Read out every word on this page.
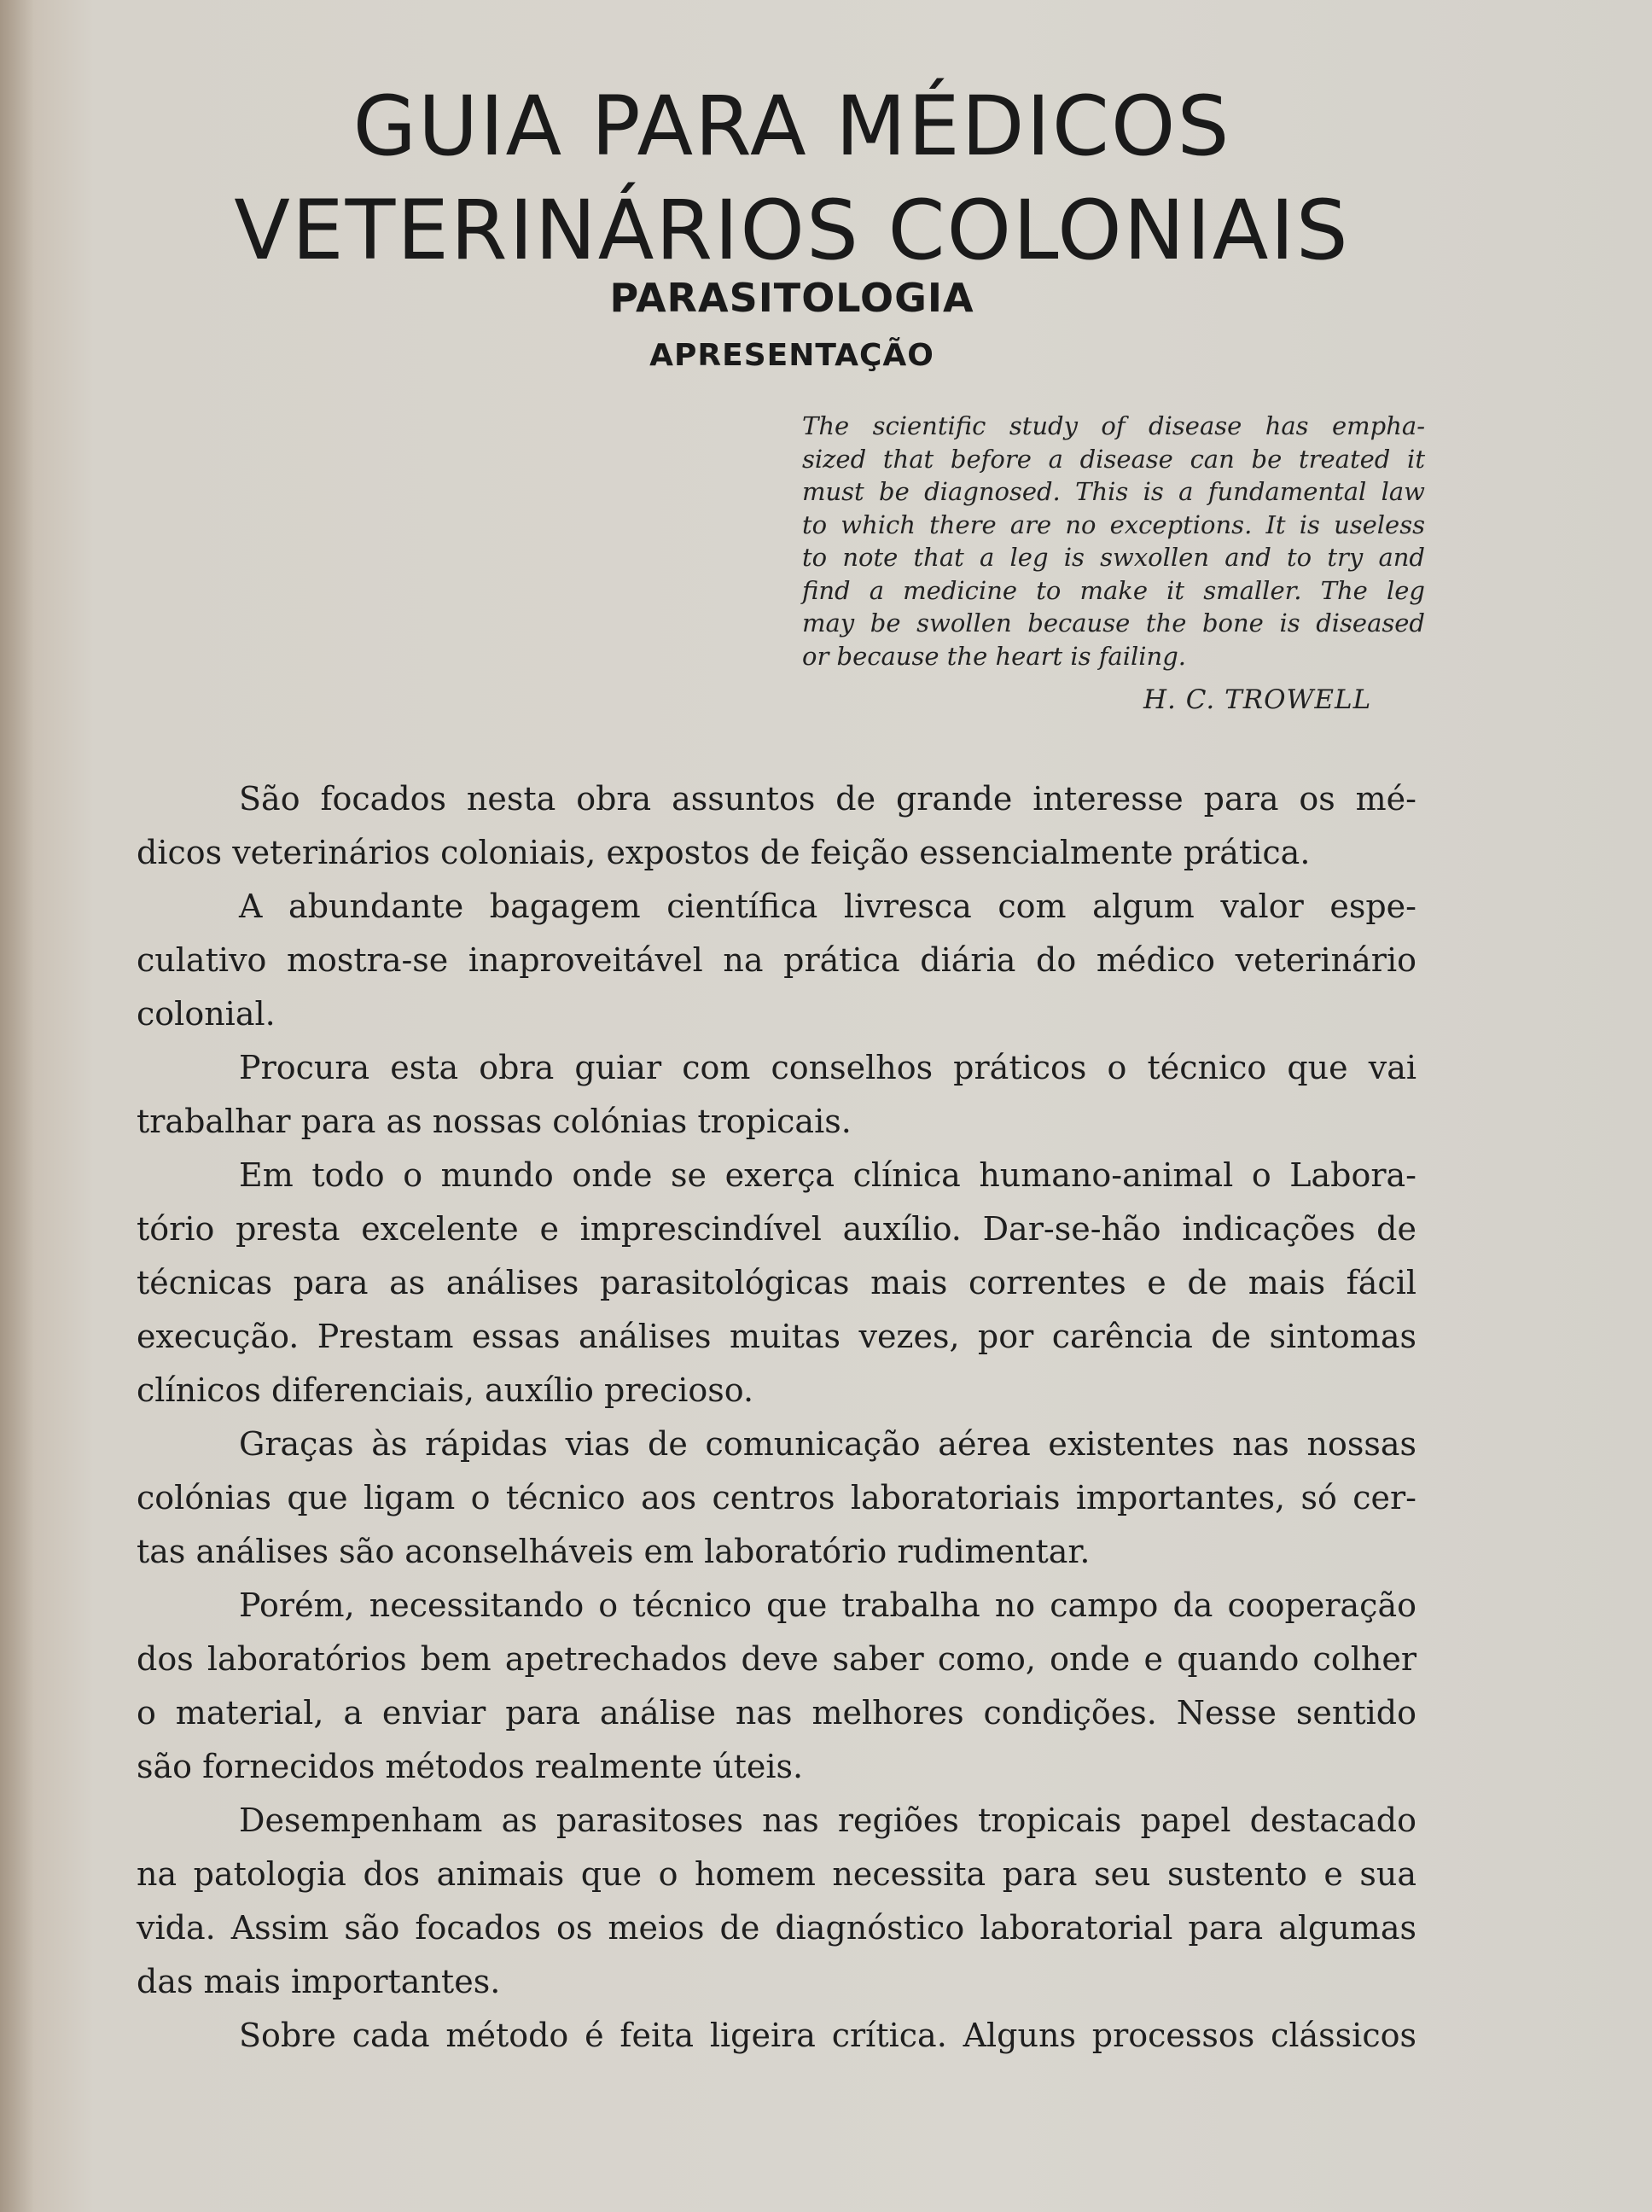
GUIA PARA MÉDICOS
VETERINÁRIOS COLONIAIS
PARASITOLOGIA
APRESENTAÇÃO
The scientific study of disease has empha-
sized that before a disease can be treated it
must be diagnosed. This is a fundamental law
to which there are no exceptions. It is useless
to note that a leg is swxollen and to try and
find a medicine to make it smaller. The leg
may be swollen because the bone is diseased
or because the heart is failing.
H. C. TROWELL
São focados nesta obra assuntos de grande interesse para os mé-
dicos veterinários coloniais, expostos de feição essencialmente prática.
A abundante bagagem científica livresca com algum valor espe-
culativo mostra-se inaproveitável na prática diária do médico veterinário
colonial.
Procura esta obra guiar com conselhos práticos o técnico que vai
trabalhar para as nossas colónias tropicais.
Em todo o mundo onde se exerça clínica humano-animal o Labora-
tório presta excelente e imprescindível auxílio. Dar-se-hão indicações de
técnicas para as análises parasitológicas mais correntes e de mais fácil
execução. Prestam essas análises muitas vezes, por carência de sintomas
clínicos diferenciais, auxílio precioso.
Graças às rápidas vias de comunicação aérea existentes nas nossas
colónias que ligam o técnico aos centros laboratoriais importantes, só cer-
tas análises são aconselháveis em laboratório rudimentar.
Porém, necessitando o técnico que trabalha no campo da cooperação
dos laboratórios bem apetrechados deve saber como, onde e quando colher
o material, a enviar para análise nas melhores condições. Nesse sentido
são fornecidos métodos realmente úteis.
Desempenham as parasitoses nas regiões tropicais papel destacado
na patologia dos animais que o homem necessita para seu sustento e sua
vida. Assim são focados os meios de diagnóstico laboratorial para algumas
das mais importantes.
Sobre cada método é feita ligeira crítica. Alguns processos clássicos
